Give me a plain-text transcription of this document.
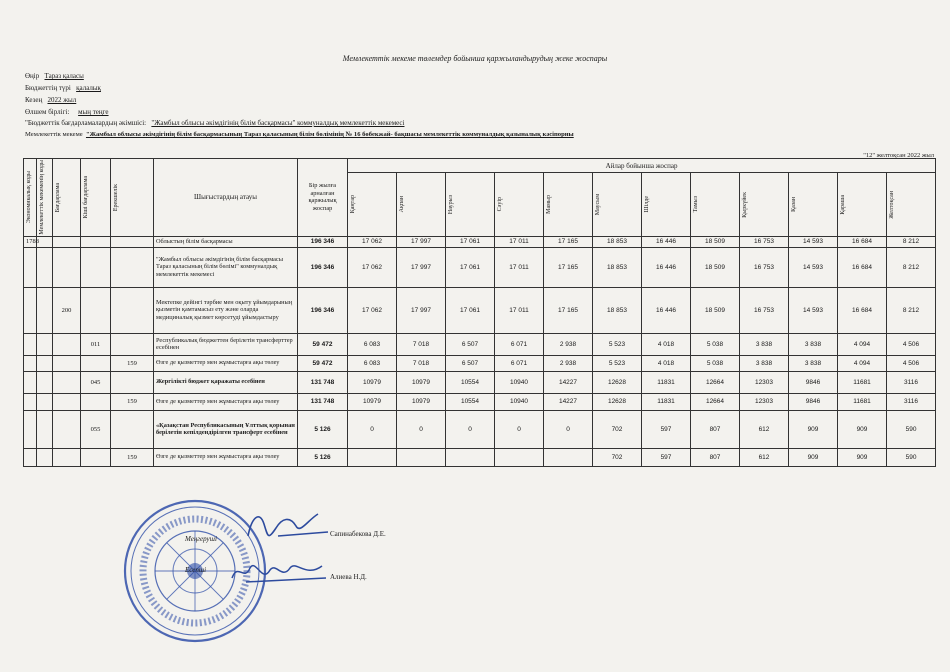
Мемлекеттік мекеме төлемдер бойынша қаржыландырудың жеке жоспары
Өңір Тараз қаласы
Бюджеттің түрі қалалық
Кезең 2022 жыл
Өлшем бірлігі: мың теңге
"Бюджеттік бағдарламалардың әкімшісі: "Жамбыл облысы әкімдігінің білім басқармасы" коммуналдық мемлекеттік мекемесі
Мемлекеттік мекеме "Жамбыл облысы әкімдігінің білім басқармасының Тараз қаласының білім бөлімінің № 16 бөбекжай- бақшасы мемлекеттік коммуналдық қазыналық кәсіпорны
"12" желтоқсан 2022 жыл
Экономикалық коды	Мемлекеттік мекеменің коды	Бағдарлама	Кіші бағдарлама	Ерекшелік	Шығыстардың атауы	Бір жылға арналған қаржылық жоспар	Айлар бойынша жоспар											

							Қаңтар	Ақпан	Наурыз	Сәуір	Мамыр	Маусым	Шілде	Тамыз	Қыркүйек	Қазан	Қараша	Желтоқсан

1788					Облыстың білім басқармасы	196 346	17 062	17 997	17 061	17 011	17 165	18 853	16 446	18 509	16 753	14 593	16 684	8 212
					"Жамбыл облысы әкімдігінің білім басқармасы Тараз қаласының білім бөлімі" коммуналдық мемлекеттік мекемесі	196 346	17 062	17 997	17 061	17 011	17 165	18 853	16 446	18 509	16 753	14 593	16 684	8 212
		200			Мектепке дейінгі тәрбие мен оқыту ұйымдарының қызметін қамтамасыз ету және оларда медициналық қызмет көрсетуді ұйымдастыру	196 346	17 062	17 997	17 061	17 011	17 165	18 853	16 446	18 509	16 753	14 593	16 684	8 212
			011		Республикалық бюджеттен берілетін трансферттер есебінен	59 472	6 083	7 018	6 507	6 071	2 938	5 523	4 018	5 038	3 838	3 838	4 094	4 506
				159	Өзге де қызметтер мен жұмыстарға ақы төлеу	59 472	6 083	7 018	6 507	6 071	2 938	5 523	4 018	5 038	3 838	3 838	4 094	4 506
			045		Жергілікті бюджет қаражаты есебінен	131 748	10979	10979	10554	10940	14227	12628	11831	12664	12303	9846	11681	3116
				159	Өзге де қызметтер мен жұмыстарға ақы төлеу	131 748	10979	10979	10554	10940	14227	12628	11831	12664	12303	9846	11681	3116
			055		«Қазақстан Республикасының Ұлттық қорынан берілетін кепілдендірілген трансферт есебінен	5 126	0	0	0	0	0	702	597	807	612	909	909	590
				159	Өзге де қызметтер мен жұмыстарға ақы төлеу	5 126						702	597	807	612	909	909	590
Меңгеруші
Сапинабекова Д.Е.
Есепші
Алиева Н.Д.
